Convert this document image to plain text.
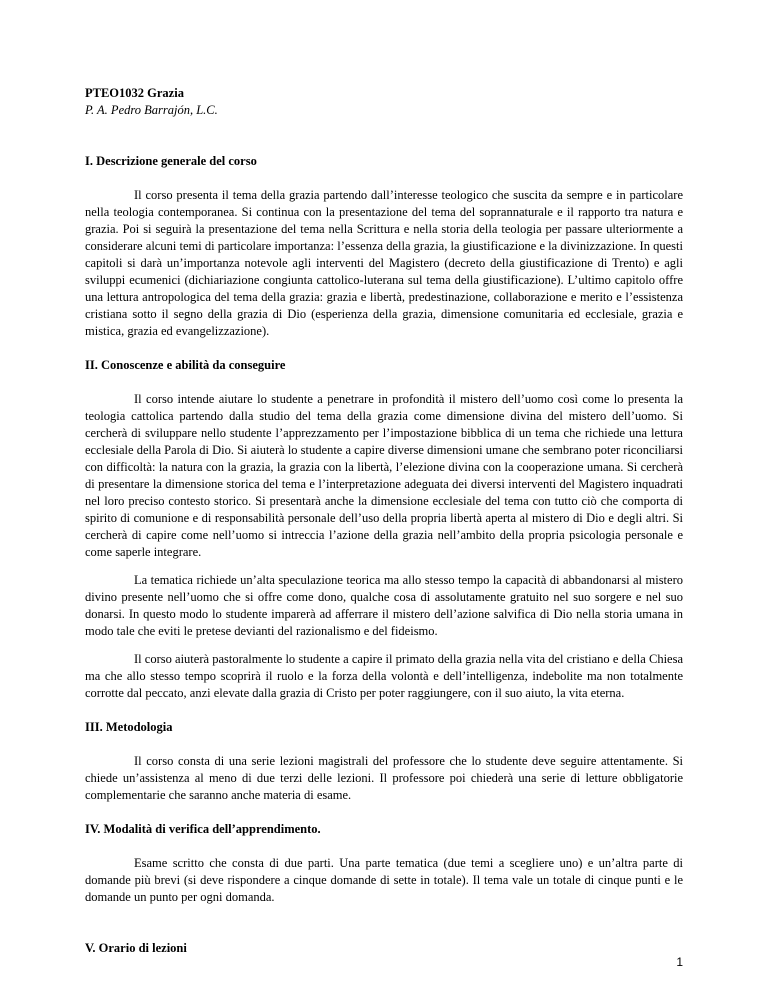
PTEO1032 Grazia

P. A. Pedro Barrajón, L.C.

I. Descrizione generale del corso

Il corso presenta il tema della grazia partendo dall’interesse teologico che suscita da sempre e in particolare nella teologia contemporanea. Si continua con la presentazione del tema del soprannaturale e il rapporto tra natura e grazia. Poi si seguirà la presentazione del tema nella Scrittura e nella storia della teologia per passare ulteriormente a considerare alcuni temi di particolare importanza: l’essenza della grazia, la giustificazione e la divinizzazione. In questi capitoli si darà un’importanza notevole agli interventi del Magistero (decreto della giustificazione di Trento) e agli sviluppi ecumenici (dichiariazione congiunta cattolico-luterana sul tema della giustificazione). L’ultimo capitolo offre una lettura antropologica del tema della grazia: grazia e libertà, predestinazione, collaborazione e merito e l’essistenza cristiana sotto il segno della grazia di Dio (esperienza della grazia, dimensione comunitaria ed ecclesiale, grazia e mistica, grazia ed evangelizzazione).

II. Conoscenze e abilità da conseguire

Il corso intende aiutare lo studente a penetrare in profondità il mistero dell’uomo così come lo presenta la teologia cattolica partendo dalla studio del tema della grazia come dimensione divina del mistero dell’uomo. Si cercherà di sviluppare nello studente l’apprezzamento per l’impostazione bibblica di un tema che richiede una lettura ecclesiale della Parola di Dio. Si aiuterà lo studente a capire diverse dimensioni umane che sembrano poter riconciliarsi con difficoltà: la natura con la grazia, la grazia con la libertà, l’elezione divina con la cooperazione umana. Si cercherà di presentare la dimensione storica del tema e l’interpretazione adeguata dei diversi interventi del Magistero inquadrati nel loro preciso contesto storico. Si presentarà anche la dimensione ecclesiale del tema con tutto ciò che comporta di spirito di comunione e di responsabilità personale dell’uso della propria libertà aperta al mistero di Dio e degli altri. Si cercherà di capire come nell’uomo si intreccia l’azione della grazia nell’ambito della propria psicologia personale e come saperle integrare.

La tematica richiede un’alta speculazione teorica ma allo stesso tempo la capacità di abbandonarsi al mistero divino presente nell’uomo che si offre come dono, qualche cosa di assolutamente gratuito nel suo sorgere e nel suo donarsi. In questo modo lo studente imparerà ad afferrare il mistero dell’azione salvifica di Dio nella storia umana in modo tale che eviti le pretese devianti del razionalismo e del fideismo.

Il corso aiuterà pastoralmente lo studente a capire il primato della grazia nella vita del cristiano e della Chiesa ma che allo stesso tempo scoprirà il ruolo e la forza della volontà e dell’intelligenza, indebolite ma non totalmente corrotte dal peccato, anzi elevate dalla grazia di Cristo per poter raggiungere, con il suo aiuto, la vita eterna.

III. Metodologia

Il corso consta di una serie lezioni magistrali del professore che lo studente deve seguire attentamente. Si chiede un’assistenza al meno di due terzi delle lezioni. Il professore poi chiederà una serie di letture obbligatorie complementarie che saranno anche materia di esame.

IV. Modalità di verifica dell’apprendimento.

Esame scritto che consta di due parti. Una parte tematica (due temi a scegliere uno) e un’altra parte di domande più brevi (si deve rispondere a cinque domande di sette in totale). Il tema vale un totale di cinque punti e le domande un punto per ogni domanda.

V. Orario di lezioni

1
